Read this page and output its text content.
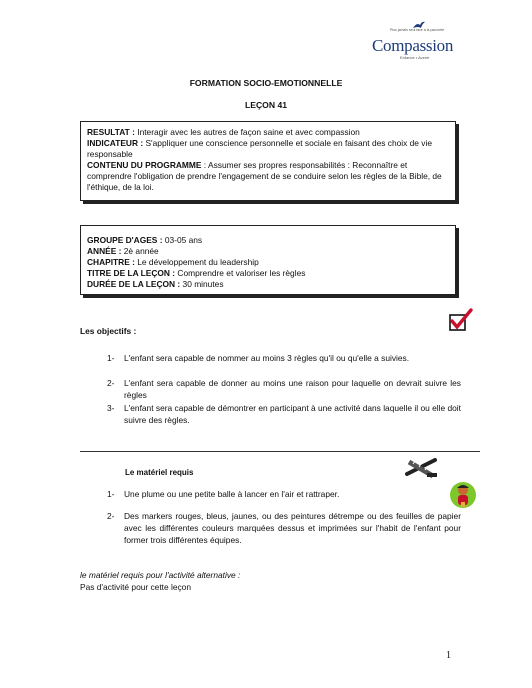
Plus jamais seul face à la pauvreté
Compassion
Enfance • Avenir
FORMATION SOCIO-EMOTIONNELLE
LEÇON 41
RESULTAT : Interagir avec les autres de façon saine et avec compassion
INDICATEUR : S'appliquer une conscience personnelle et sociale en faisant des choix de vie responsable
CONTENU DU PROGRAMME : Assumer ses propres responsabilités : Reconnaître et comprendre l'obligation de prendre l'engagement de se conduire selon les règles de la Bible, de l'éthique, de la loi.
GROUPE D'AGES : 03-05 ans
ANNÉE : 2è année
CHAPITRE : Le développement du leadership
TITRE DE LA LEÇON : Comprendre et valoriser les règles
DURÉE DE LA LEÇON : 30 minutes
Les objectifs :
1- L'enfant sera capable de nommer au moins 3 règles qu'il ou qu'elle a suivies.
2- L'enfant sera capable de donner au moins une raison pour laquelle on devrait suivre les règles
3- L'enfant sera capable de démontrer en participant à une activité dans laquelle il ou elle doit suivre des règles.
Le matériel requis
1- Une plume ou une petite balle à lancer en l'air et rattraper.
2- Des markers rouges, bleus, jaunes, ou des peintures détrempe ou des feuilles de papier avec les différentes couleurs marquées dessus et imprimées sur l'habit de l'enfant pour former trois différentes équipes.
le matériel requis pour l'activité alternative :
Pas d'activité pour cette leçon
1
